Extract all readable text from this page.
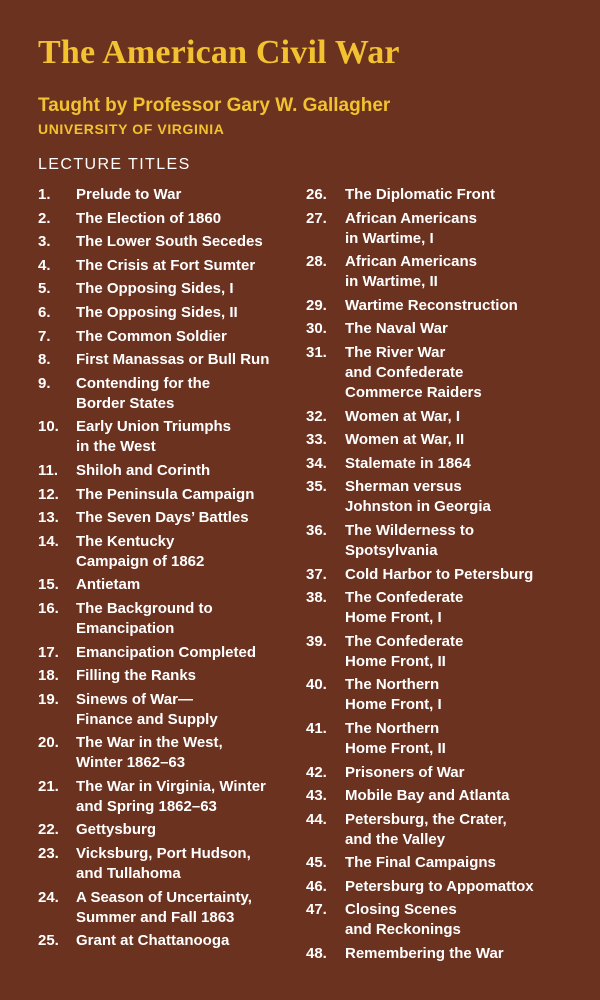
The American Civil War
Taught by Professor Gary W. Gallagher
UNIVERSITY OF VIRGINIA
LECTURE TITLES
1.	Prelude to War
2.	The Election of 1860
3.	The Lower South Secedes
4.	The Crisis at Fort Sumter
5.	The Opposing Sides, I
6.	The Opposing Sides, II
7.	The Common Soldier
8.	First Manassas or Bull Run
9.	Contending for the
Border States
10.	Early Union Triumphs
in the West
11.	Shiloh and Corinth
12.	The Peninsula Campaign
13.	The Seven Days’ Battles
14.	The Kentucky
Campaign of 1862
15.	Antietam
16.	The Background to
Emancipation
17.	Emancipation Completed
18.	Filling the Ranks
19.	Sinews of War—
Finance and Supply
20.	The War in the West,
Winter 1862–63
21.	The War in Virginia, Winter
and Spring 1862–63
22.	Gettysburg
23.	Vicksburg, Port Hudson,
and Tullahoma
24.	A Season of Uncertainty,
Summer and Fall 1863
25.	Grant at Chattanooga
26.	The Diplomatic Front
27.	African Americans
in Wartime, I
28.	African Americans
in Wartime, II
29.	Wartime Reconstruction
30.	The Naval War
31.	The River War
and Confederate
Commerce Raiders
32.	Women at War, I
33.	Women at War, II
34.	Stalemate in 1864
35.	Sherman versus
Johnston in Georgia
36.	The Wilderness to
Spotsylvania
37.	Cold Harbor to Petersburg
38.	The Confederate
Home Front, I
39.	The Confederate
Home Front, II
40.	The Northern
Home Front, I
41.	The Northern
Home Front, II
42.	Prisoners of War
43.	Mobile Bay and Atlanta
44.	Petersburg, the Crater,
and the Valley
45.	The Final Campaigns
46.	Petersburg to Appomattox
47.	Closing Scenes
and Reckonings
48.	Remembering the War
